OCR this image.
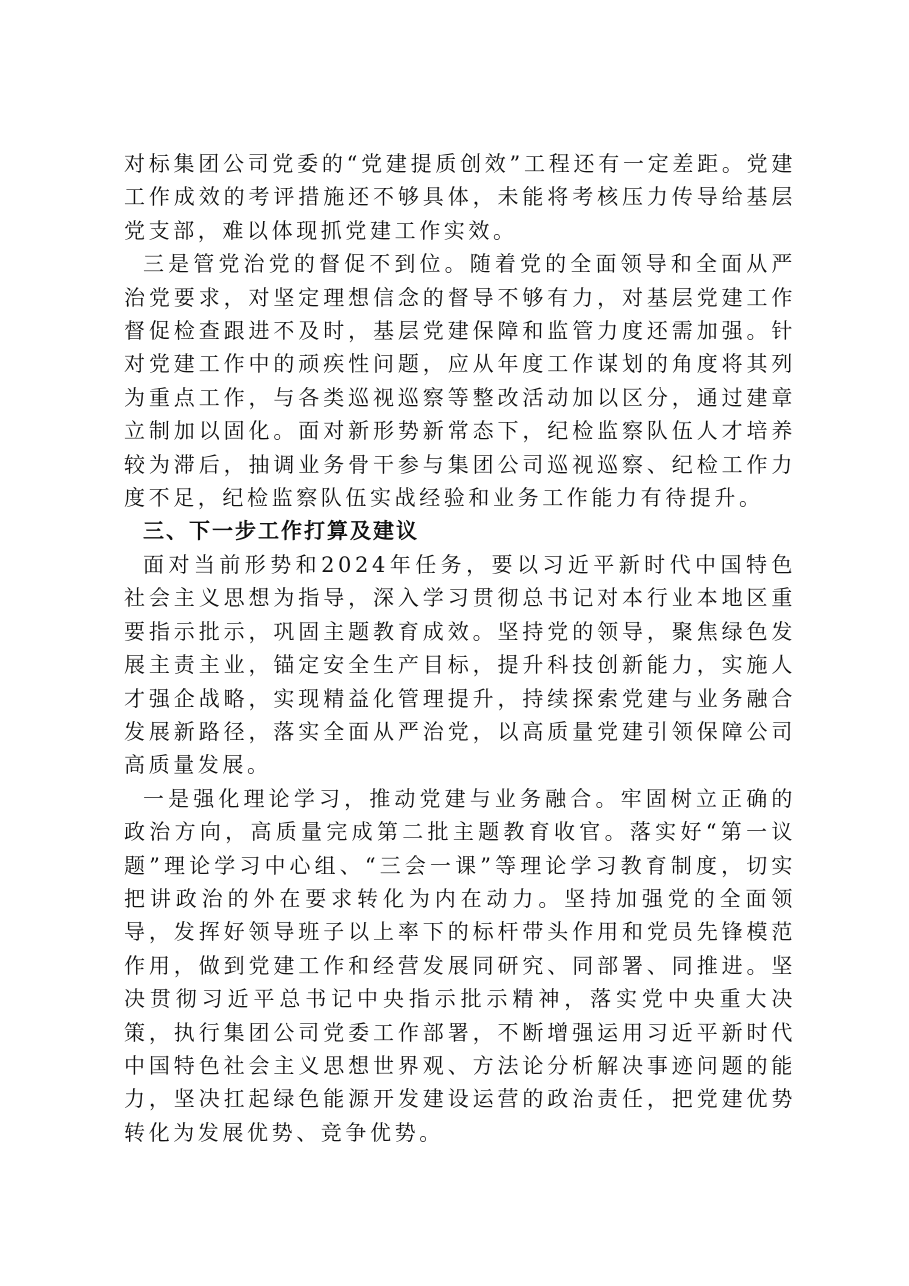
对标集团公司党委的“党建提质创效”工程还有一定差距。党建工作成效的考评措施还不够具体，未能将考核压力传导给基层党支部，难以体现抓党建工作实效。

三是管党治党的督促不到位。随着党的全面领导和全面从严治党要求，对坚定理想信念的督导不够有力，对基层党建工作督促检查跟进不及时，基层党建保障和监管力度还需加强。针对党建工作中的顽疾性问题，应从年度工作谋划的角度将其列为重点工作，与各类巡视巡察等整改活动加以区分，通过建章立制加以固化。面对新形势新常态下，纪检监察队伍人才培养较为滞后，抽调业务骨干参与集团公司巡视巡察、纪检工作力度不足，纪检监察队伍实战经验和业务工作能力有待提升。

三、下一步工作打算及建议

面对当前形势和2024年任务，要以习近平新时代中国特色社会主义思想为指导，深入学习贯彻总书记对本行业本地区重要指示批示，巩固主题教育成效。坚持党的领导，聚焦绿色发展主责主业，锚定安全生产目标，提升科技创新能力，实施人才强企战略，实现精益化管理提升，持续探索党建与业务融合发展新路径，落实全面从严治党，以高质量党建引领保障公司高质量发展。

一是强化理论学习，推动党建与业务融合。牢固树立正确的政治方向，高质量完成第二批主题教育收官。落实好“第一议题”理论学习中心组、“三会一课”等理论学习教育制度，切实把讲政治的外在要求转化为内在动力。坚持加强党的全面领导，发挥好领导班子以上率下的标杆带头作用和党员先锋模范作用，做到党建工作和经营发展同研究、同部署、同推进。坚决贯彻习近平总书记中央指示批示精神，落实党中央重大决策，执行集团公司党委工作部署，不断增强运用习近平新时代中国特色社会主义思想世界观、方法论分析解决事迹问题的能力，坚决扛起绿色能源开发建设运营的政治责任，把党建优势转化为发展优势、竞争优势。
